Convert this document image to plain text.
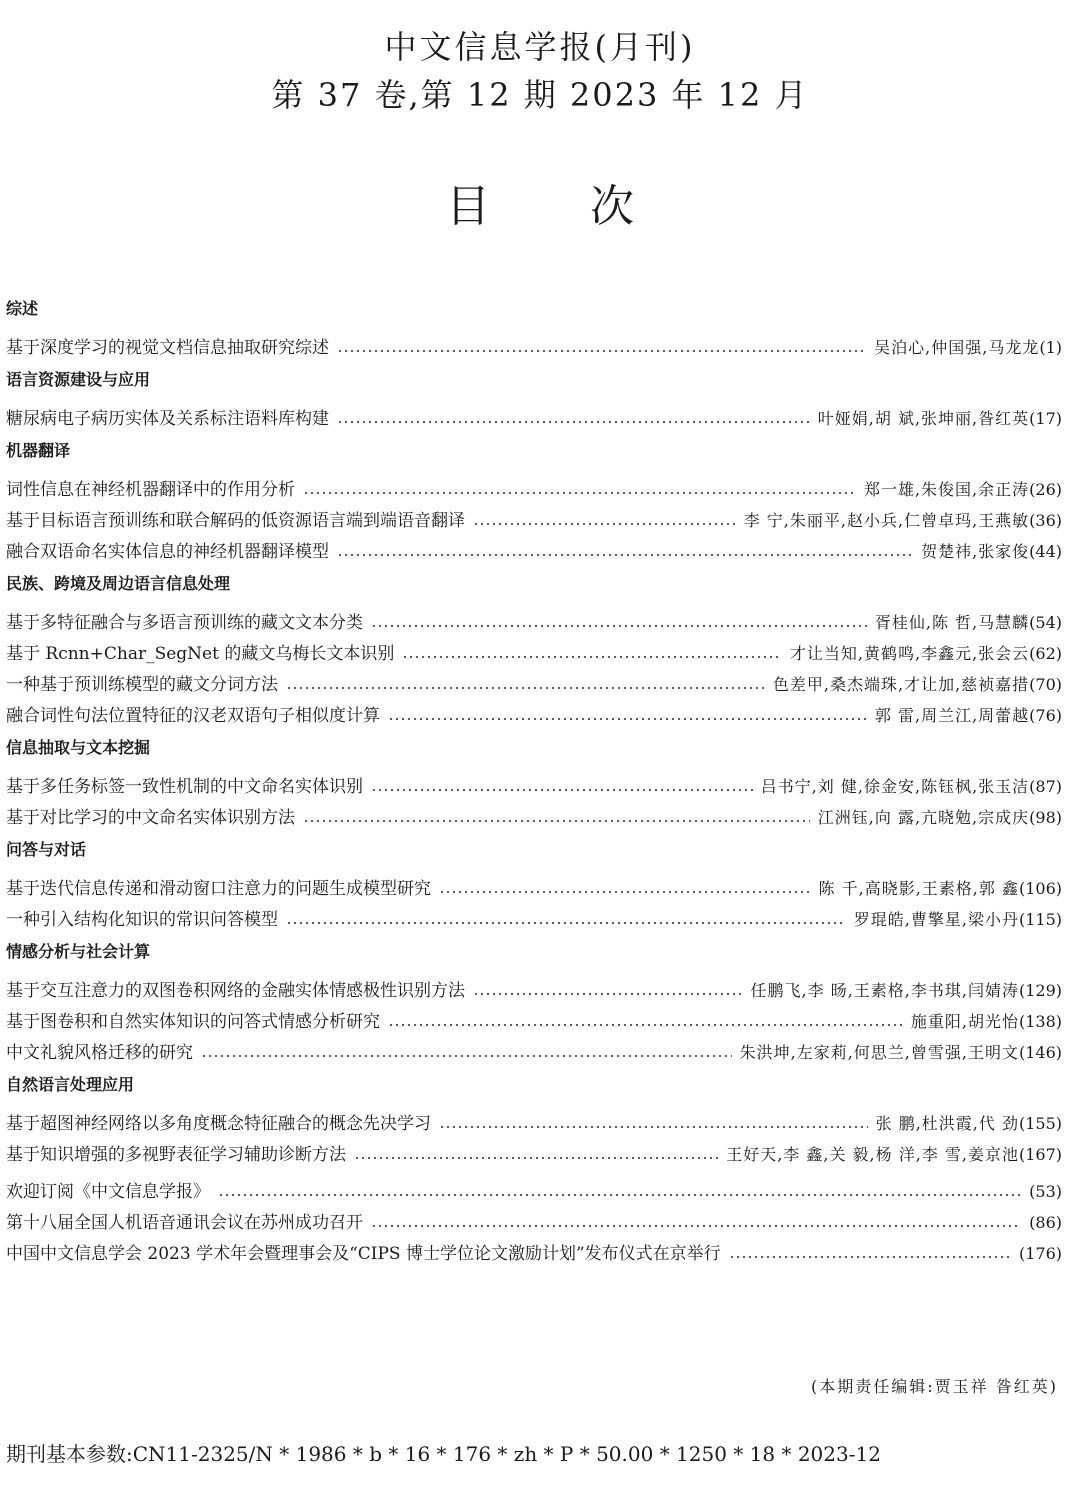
中文信息学报(月刊)
第 37 卷,第 12 期 2023 年 12 月
目次
综述
基于深度学习的视觉文档信息抽取研究综述	吴泊心,仲国强,马龙龙 (1)
语言资源建设与应用
糖尿病电子病历实体及关系标注语料库构建	叶娅娟,胡 斌,张坤丽,昝红英 (17)
机器翻译
词性信息在神经机器翻译中的作用分析	郑一雄,朱俊国,余正涛 (26)
基于目标语言预训练和联合解码的低资源语言端到端语音翻译	李 宁,朱丽平,赵小兵,仁曾卓玛,王燕敏 (36)
融合双语命名实体信息的神经机器翻译模型	贺楚祎,张家俊 (44)
民族、跨境及周边语言信息处理
基于多特征融合与多语言预训练的藏文文本分类	胥桂仙,陈 哲,马慧麟 (54)
基于 Rcnn+Char_SegNet 的藏文乌梅长文本识别	才让当知,黄鹤鸣,李鑫元,张会云 (62)
一种基于预训练模型的藏文分词方法	色差甲,桑杰端珠,才让加,慈祯嘉措 (70)
融合词性句法位置特征的汉老双语句子相似度计算	郭 雷,周兰江,周蕾越 (76)
信息抽取与文本挖掘
基于多任务标签一致性机制的中文命名实体识别	吕书宁,刘 健,徐金安,陈钰枫,张玉洁 (87)
基于对比学习的中文命名实体识别方法	江洲钰,向 露,亢晓勉,宗成庆 (98)
问答与对话
基于迭代信息传递和滑动窗口注意力的问题生成模型研究	陈 千,高晓影,王素格,郭 鑫 (106)
一种引入结构化知识的常识问答模型	罗琨皓,曹擎星,梁小丹 (115)
情感分析与社会计算
基于交互注意力的双图卷积网络的金融实体情感极性识别方法	任鹏飞,李 旸,王素格,李书琪,闫婧涛 (129)
基于图卷积和自然实体知识的问答式情感分析研究	施重阳,胡光怡 (138)
中文礼貌风格迁移的研究	朱洪坤,左家莉,何思兰,曾雪强,王明文 (146)
自然语言处理应用
基于超图神经网络以多角度概念特征融合的概念先决学习	张 鹏,杜洪霞,代 劲 (155)
基于知识增强的多视野表征学习辅助诊断方法	王好天,李 鑫,关 毅,杨 洋,李 雪,姜京池 (167)
欢迎订阅《中文信息学报》	(53)
第十八届全国人机语音通讯会议在苏州成功召开	(86)
中国中文信息学会 2023 学术年会暨理事会及“CIPS 博士学位论文激励计划”发布仪式在京举行	(176)
(本期责任编辑:贾玉祥 昝红英)
期刊基本参数:CN11-2325/N * 1986 * b * 16 * 176 * zh * P * 50.00 * 1250 * 18 * 2023-12
